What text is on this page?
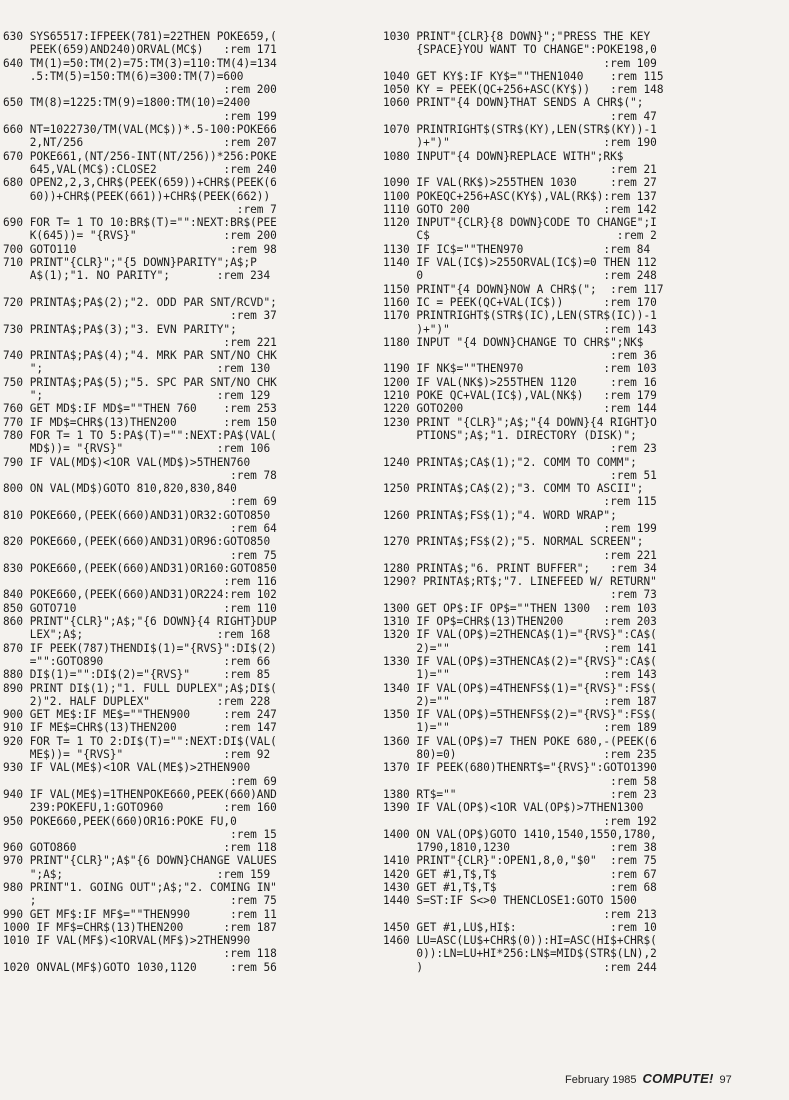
630 SYS65517:IFPEEK(781)=22THEN POKE659,(
PEEK(659)AND240)ORVAL(MC$)   :rem 171
640 TM(1)=50:TM(2)=75:TM(3)=110:TM(4)=134
.5:TM(5)=150:TM(6)=300:TM(7)=600
:rem 200
650 TM(8)=1225:TM(9)=1800:TM(10)=2400
:rem 199
660 NT=1022730/TM(VAL(MC$))*.5-100:POKE66
2,NT/256                     :rem 207
670 POKE661,(NT/256-INT(NT/256))*256:POKE
645,VAL(MC$):CLOSE2          :rem 240
680 OPEN2,2,3,CHR$(PEEK(659))+CHR$(PEEK(6
60))+CHR$(PEEK(661))+CHR$(PEEK(662))
:rem 7
690 FOR T= 1 TO 10:BR$(T)="":NEXT:BR$(PEE
K(645))= "{RVS}"             :rem 200
700 GOTO110                       :rem 98
710 PRINT"{CLR}";"{5 DOWN}PARITY";A$;P
A$(1);"1. NO PARITY";       :rem 234

720 PRINTA$;PA$(2);"2. ODD PAR SNT/RCVD";
:rem 37
730 PRINTA$;PA$(3);"3. EVN PARITY";
:rem 221
740 PRINTA$;PA$(4);"4. MRK PAR SNT/NO CHK
";                          :rem 130
750 PRINTA$;PA$(5);"5. SPC PAR SNT/NO CHK
";                          :rem 129
760 GET MD$:IF MD$=""THEN 760    :rem 253
770 IF MD$=CHR$(13)THEN200       :rem 150
780 FOR T= 1 TO 5:PA$(T)="":NEXT:PA$(VAL(
MD$))= "{RVS}"              :rem 106
790 IF VAL(MD$)<1OR VAL(MD$)>5THEN760
:rem 78
800 ON VAL(MD$)GOTO 810,820,830,840
:rem 69
810 POKE660,(PEEK(660)AND31)OR32:GOTO850
:rem 64
820 POKE660,(PEEK(660)AND31)OR96:GOTO850
:rem 75
830 POKE660,(PEEK(660)AND31)OR160:GOTO850
:rem 116
840 POKE660,(PEEK(660)AND31)OR224:rem 102
850 GOTO710                      :rem 110
860 PRINT"{CLR}";A$;"{6 DOWN}{4 RIGHT}DUP
LEX";A$;                    :rem 168
870 IF PEEK(787)THENDI$(1)="{RVS}":DI$(2)
="":GOTO890                  :rem 66
880 DI$(1)="":DI$(2)="{RVS}"     :rem 85
890 PRINT DI$(1);"1. FULL DUPLEX";A$;DI$(
2)"2. HALF DUPLEX"          :rem 228
900 GET ME$:IF ME$=""THEN900     :rem 247
910 IF ME$=CHR$(13)THEN200       :rem 147
920 FOR T= 1 TO 2:DI$(T)="":NEXT:DI$(VAL(
ME$))= "{RVS}"               :rem 92
930 IF VAL(ME$)<1OR VAL(ME$)>2THEN900
:rem 69
940 IF VAL(ME$)=1THENPOKE660,PEEK(660)AND
239:POKEFU,1:GOTO960         :rem 160
950 POKE660,PEEK(660)OR16:POKE FU,0
:rem 15
960 GOTO860                      :rem 118
970 PRINT"{CLR}";A$"{6 DOWN}CHANGE VALUES
";A$;                       :rem 159
980 PRINT"1. GOING OUT";A$;"2. COMING IN"
;                             :rem 75
990 GET MF$:IF MF$=""THEN990      :rem 11
1000 IF MF$=CHR$(13)THEN200      :rem 187
1010 IF VAL(MF$)<1ORVAL(MF$)>2THEN990
:rem 118
1020 ONVAL(MF$)GOTO 1030,1120     :rem 56
1030 PRINT"{CLR}{8 DOWN}";"PRESS THE KEY
{SPACE}YOU WANT TO CHANGE":POKE198,0
:rem 109
1040 GET KY$:IF KY$=""THEN1040    :rem 115
1050 KY = PEEK(QC+256+ASC(KY$))   :rem 148
1060 PRINT"{4 DOWN}THAT SENDS A CHR$(";
:rem 47
1070 PRINTRIGHT$(STR$(KY),LEN(STR$(KY))-1
)+")"                       :rem 190
1080 INPUT"{4 DOWN}REPLACE WITH";RK$
:rem 21
1090 IF VAL(RK$)>255THEN 1030     :rem 27
1100 POKEQC+256+ASC(KY$),VAL(RK$):rem 137
1110 GOTO 200                    :rem 142
1120 INPUT"{CLR}{8 DOWN}CODE TO CHANGE";I
C$                            :rem 2
1130 IF IC$=""THEN970            :rem 84
1140 IF VAL(IC$)>255ORVAL(IC$)=0 THEN 112
0                           :rem 248
1150 PRINT"{4 DOWN}NOW A CHR$(";  :rem 117
1160 IC = PEEK(QC+VAL(IC$))      :rem 170
1170 PRINTRIGHT$(STR$(IC),LEN(STR$(IC))-1
)+")"                       :rem 143
1180 INPUT "{4 DOWN}CHANGE TO CHR$";NK$
:rem 36
1190 IF NK$=""THEN970            :rem 103
1200 IF VAL(NK$)>255THEN 1120     :rem 16
1210 POKE QC+VAL(IC$),VAL(NK$)   :rem 179
1220 GOTO200                     :rem 144
1230 PRINT "{CLR}";A$;"{4 DOWN}{4 RIGHT}O
PTIONS";A$;"1. DIRECTORY (DISK)";
:rem 23
1240 PRINTA$;CA$(1);"2. COMM TO COMM";
:rem 51
1250 PRINTA$;CA$(2);"3. COMM TO ASCII";
:rem 115
1260 PRINTA$;FS$(1);"4. WORD WRAP";
:rem 199
1270 PRINTA$;FS$(2);"5. NORMAL SCREEN";
:rem 221
1280 PRINTA$;"6. PRINT BUFFER";   :rem 34
1290? PRINTA$;RT$;"7. LINEFEED W/ RETURN"
:rem 73
1300 GET OP$:IF OP$=""THEN 1300  :rem 103
1310 IF OP$=CHR$(13)THEN200      :rem 203
1320 IF VAL(OP$)=2THENCA$(1)="{RVS}":CA$(
2)=""                       :rem 141
1330 IF VAL(OP$)=3THENCA$(2)="{RVS}":CA$(
1)=""                       :rem 143
1340 IF VAL(OP$)=4THENFS$(1)="{RVS}":FS$(
2)=""                       :rem 187
1350 IF VAL(OP$)=5THENFS$(2)="{RVS}":FS$(
1)=""                       :rem 189
1360 IF VAL(OP$)=7 THEN POKE 680,-(PEEK(6
80)=0)                      :rem 235
1370 IF PEEK(680)THENRT$="{RVS}":GOTO1390
:rem 58
1380 RT$=""                       :rem 23
1390 IF VAL(OP$)<1OR VAL(OP$)>7THEN1300
:rem 192
1400 ON VAL(OP$)GOTO 1410,1540,1550,1780,
1790,1810,1230               :rem 38
1410 PRINT"{CLR}":OPEN1,8,0,"$0"  :rem 75
1420 GET #1,T$,T$                 :rem 67
1430 GET #1,T$,T$                 :rem 68
1440 S=ST:IF S<>0 THENCLOSE1:GOTO 1500
:rem 213
1450 GET #1,LU$,HI$:              :rem 10
1460 LU=ASC(LU$+CHR$(0)):HI=ASC(HI$+CHR$(
0)):LN=LU+HI*256:LN$=MID$(STR$(LN),2
)                           :rem 244
February 1985 COMPUTE! 97
